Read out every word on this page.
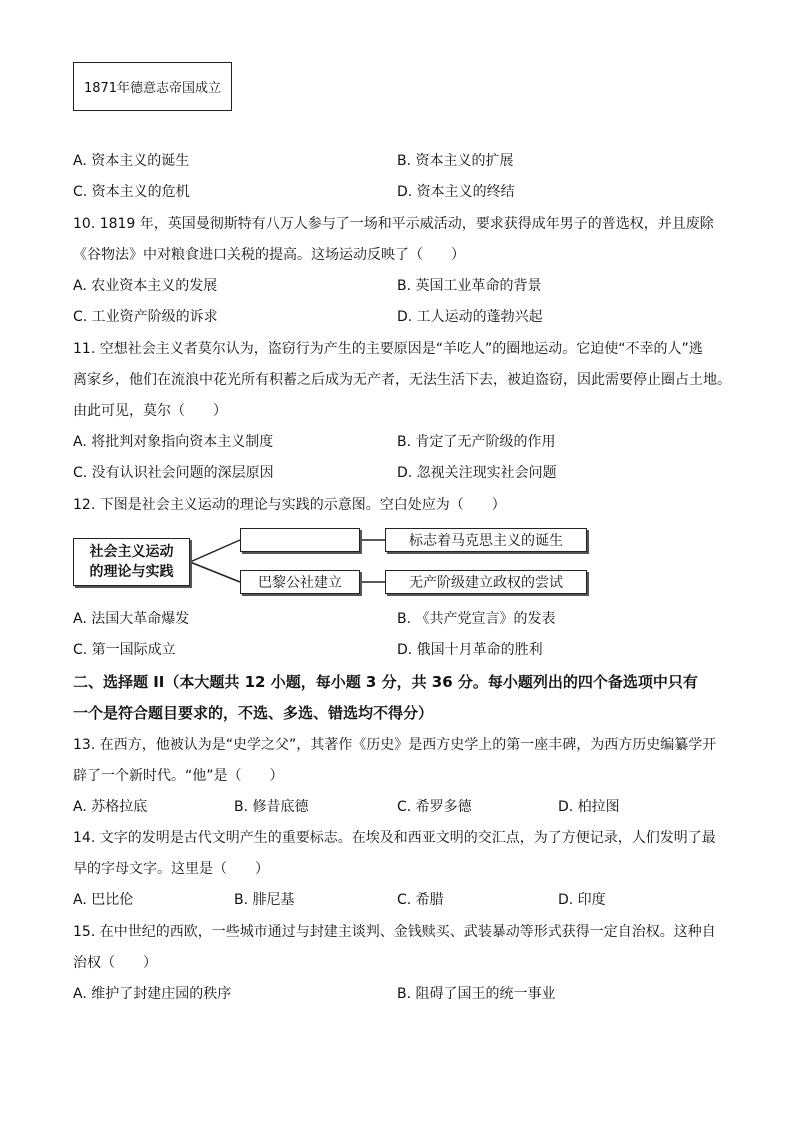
1871年德意志帝国成立
A. 资本主义的诞生	B. 资本主义的扩展
C. 资本主义的危机	D. 资本主义的终结
10. 1819 年，英国曼彻斯特有八万人参与了一场和平示威活动，要求获得成年男子的普选权，并且废除
《谷物法》中对粮食进口关税的提高。这场运动反映了（　　）
A. 农业资本主义的发展	B. 英国工业革命的背景
C. 工业资产阶级的诉求	D. 工人运动的蓬勃兴起
11. 空想社会主义者莫尔认为，盗窃行为产生的主要原因是“羊吃人”的圈地运动。它迫使“不幸的人”逃
离家乡，他们在流浪中花光所有积蓄之后成为无产者，无法生活下去，被迫盗窃，因此需要停止圈占土地。
由此可见，莫尔（　　）
A. 将批判对象指向资本主义制度	B. 肯定了无产阶级的作用
C. 没有认识社会问题的深层原因	D. 忽视关注现实社会问题
12. 下图是社会主义运动的理论与实践的示意图。空白处应为（　　）
社会主义运动
的理论与实践
巴黎公社建立
标志着马克思主义的诞生
无产阶级建立政权的尝试
A. 法国大革命爆发	B. 《共产党宣言》的发表
C. 第一国际成立	D. 俄国十月革命的胜利
二、选择题 II（本大题共 12 小题，每小题 3 分，共 36 分。每小题列出的四个备选项中只有
一个是符合题目要求的，不选、多选、错选均不得分）
13. 在西方，他被认为是“史学之父”，其著作《历史》是西方史学上的第一座丰碑，为西方历史编纂学开
辟了一个新时代。“他”是（　　）
A. 苏格拉底	B. 修昔底德	C. 希罗多德	D. 柏拉图
14. 文字的发明是古代文明产生的重要标志。在埃及和西亚文明的交汇点，为了方便记录，人们发明了最
早的字母文字。这里是（　　）
A. 巴比伦	B. 腓尼基	C. 希腊	D. 印度
15. 在中世纪的西欧，一些城市通过与封建主谈判、金钱赎买、武装暴动等形式获得一定自治权。这种自
治权（　　）
A. 维护了封建庄园的秩序	B. 阻碍了国王的统一事业
